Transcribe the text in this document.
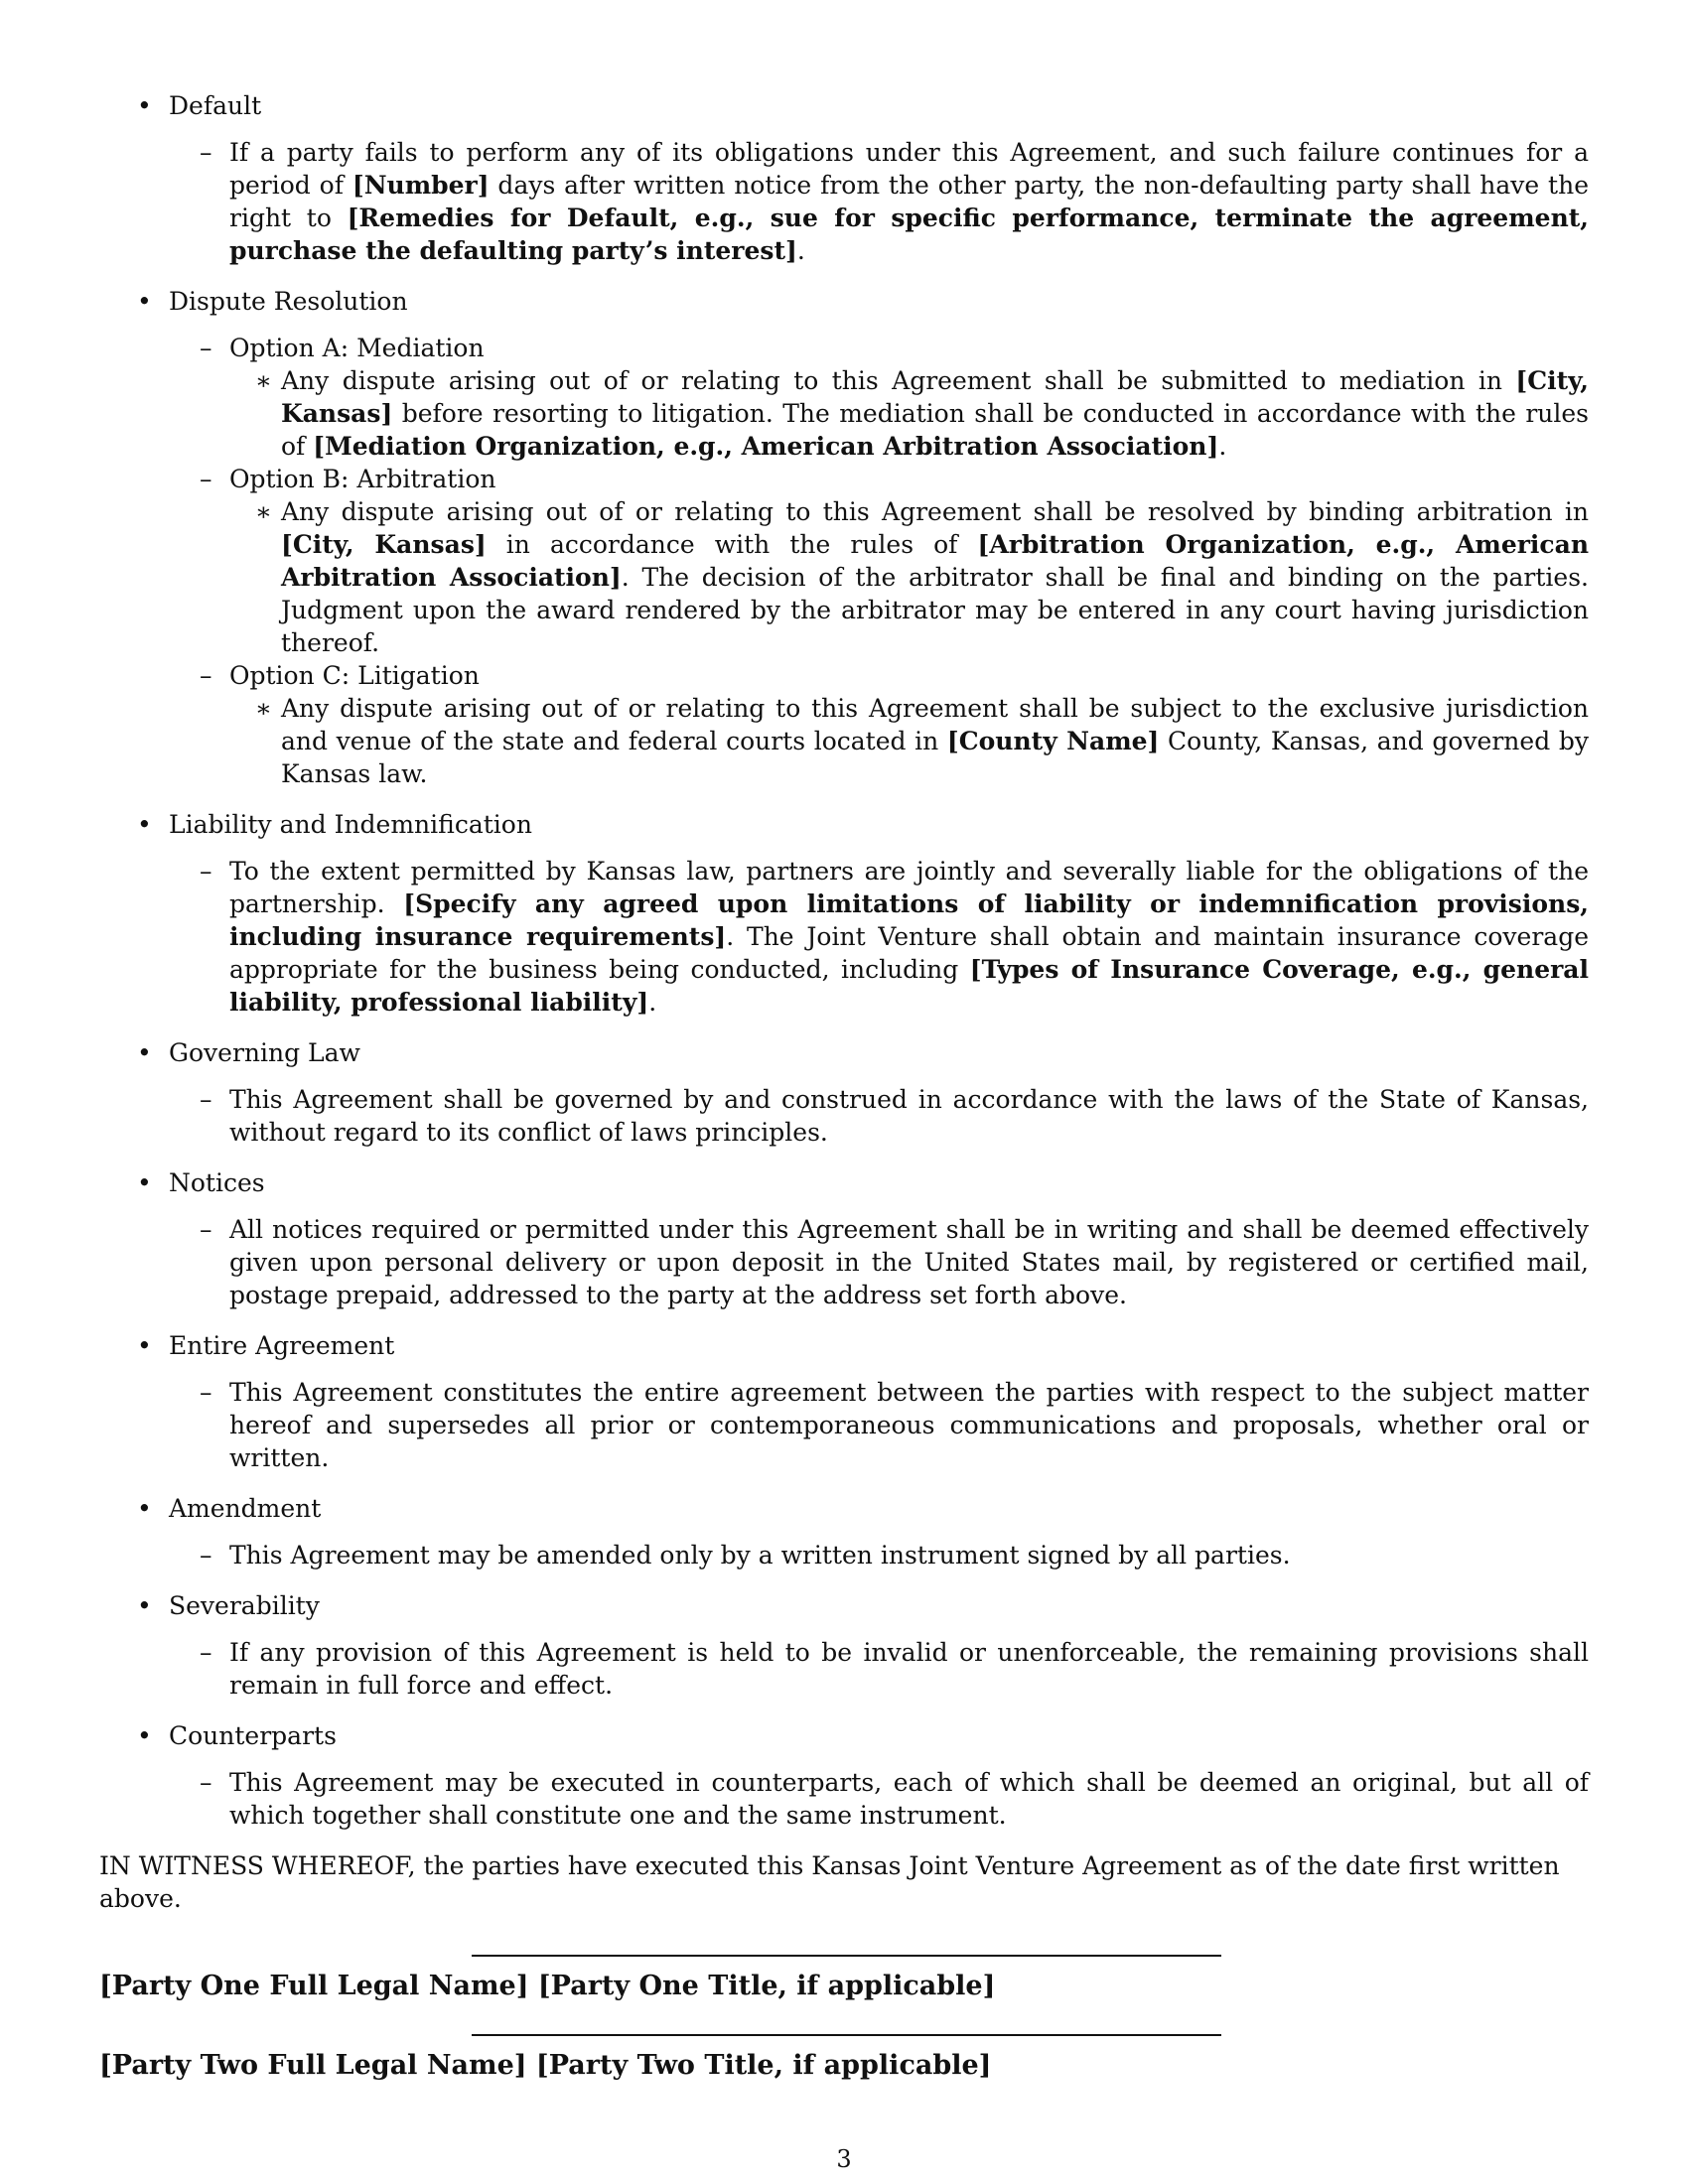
• Default
– If a party fails to perform any of its obligations under this Agreement, and such failure continues for a period of [Number] days after written notice from the other party, the non-defaulting party shall have the right to [Remedies for Default, e.g., sue for specific performance, terminate the agreement, purchase the defaulting party’s interest].
• Dispute Resolution
– Option A: Mediation
∗ Any dispute arising out of or relating to this Agreement shall be submitted to mediation in [City, Kansas] before resorting to litigation. The mediation shall be conducted in accordance with the rules of [Mediation Organization, e.g., American Arbitration Association].
– Option B: Arbitration
∗ Any dispute arising out of or relating to this Agreement shall be resolved by binding arbitration in [City, Kansas] in accordance with the rules of [Arbitration Organization, e.g., American Arbitration Association]. The decision of the arbitrator shall be final and binding on the parties. Judgment upon the award rendered by the arbitrator may be entered in any court having jurisdiction thereof.
– Option C: Litigation
∗ Any dispute arising out of or relating to this Agreement shall be subject to the exclusive jurisdiction and venue of the state and federal courts located in [County Name] County, Kansas, and governed by Kansas law.
• Liability and Indemnification
– To the extent permitted by Kansas law, partners are jointly and severally liable for the obligations of the partnership. [Specify any agreed upon limitations of liability or indemnification provisions, including insurance requirements]. The Joint Venture shall obtain and maintain insurance coverage appropriate for the business being conducted, including [Types of Insurance Coverage, e.g., general liability, professional liability].
• Governing Law
– This Agreement shall be governed by and construed in accordance with the laws of the State of Kansas, without regard to its conflict of laws principles.
• Notices
– All notices required or permitted under this Agreement shall be in writing and shall be deemed effectively given upon personal delivery or upon deposit in the United States mail, by registered or certified mail, postage prepaid, addressed to the party at the address set forth above.
• Entire Agreement
– This Agreement constitutes the entire agreement between the parties with respect to the subject matter hereof and supersedes all prior or contemporaneous communications and proposals, whether oral or written.
• Amendment
– This Agreement may be amended only by a written instrument signed by all parties.
• Severability
– If any provision of this Agreement is held to be invalid or unenforceable, the remaining provisions shall remain in full force and effect.
• Counterparts
– This Agreement may be executed in counterparts, each of which shall be deemed an original, but all of which together shall constitute one and the same instrument.
IN WITNESS WHEREOF, the parties have executed this Kansas Joint Venture Agreement as of the date first written above.
[Party One Full Legal Name] [Party One Title, if applicable]
[Party Two Full Legal Name] [Party Two Title, if applicable]
3
